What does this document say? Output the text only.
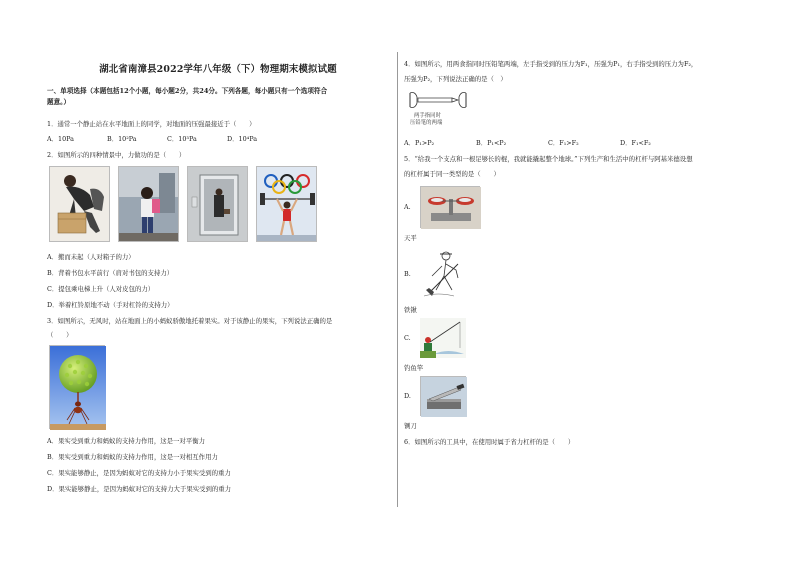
湖北省南漳县2022学年八年级（下）物理期末模拟试题
一、单项选择（本题包括12个小题，每小题2分，共24分。下列各题，每小题只有一个选项符合
题意。）
1．通常一个静止站在水平地面上的同学，对地面的压强最接近于（　　）
A．10Pa	B．10²Pa	C．10³Pa	D．10⁴Pa
2．如图所示的四种情景中，力做功的是（　　）
A．搬而未起（人对箱子的力）
B．背着书包水平前行（肩对书包的支持力）
C．提包乘电梯上升（人对皮包的力）
D．举着杠铃原地不动（手对杠铃的支持力）
3．如图所示，无风时，站在地面上的小蚂蚁骄傲地托着果实。对于该静止的果实，下列说法正确的是
（　　）
A．果实受到重力和蚂蚁的支持力作用，这是一对平衡力
B．果实受到重力和蚂蚁的支持力作用，这是一对相互作用力
C．果实能够静止，是因为蚂蚁对它的支持力小于果实受到的重力
D．果实能够静止，是因为蚂蚁对它的支持力大于果实受到的重力
4．如图所示，用两食指同时压铅笔两端，左手指受到的压力为F₁，压强为P₁，右手指受到的压力为F₂，
压强为P₂，下列说法正确的是（　）
两手指同时
压铅笔的两端
A．P₁>P₂	B．P₁<P₂	C．F₁>F₂	D．F₁<F₂
5．“给我一个支点和一根足够长的棍，我就能撬起整个地球。”下列生产和生活中的杠杆与阿基米德设想
的杠杆属于同一类型的是（　　）
A.
天平
B.
铁锹
C.
钓鱼竿
D.
铡刀
6．如图所示的工具中，在使用时属于省力杠杆的是（　　）
